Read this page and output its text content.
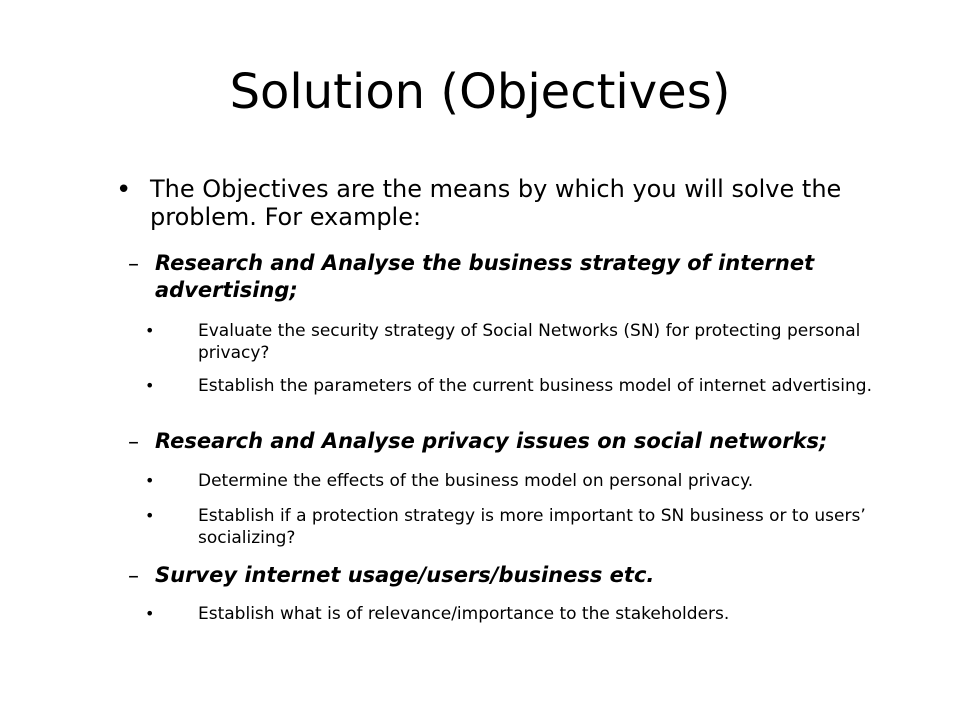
Solution (Objectives)
• The Objectives are the means by which you will solve the problem. For example:
– Research and Analyse the business strategy of internet advertising;
•	Evaluate the security strategy of Social Networks (SN) for protecting personal privacy?
•	Establish the parameters of the current business model of internet advertising.
– Research and Analyse privacy issues on social networks;
•	Determine the effects of the business model on personal privacy.
•	Establish if a protection strategy is more important to SN business or to users’ socializing?
– Survey internet usage/users/business etc.
•	Establish what is of relevance/importance to the stakeholders.
